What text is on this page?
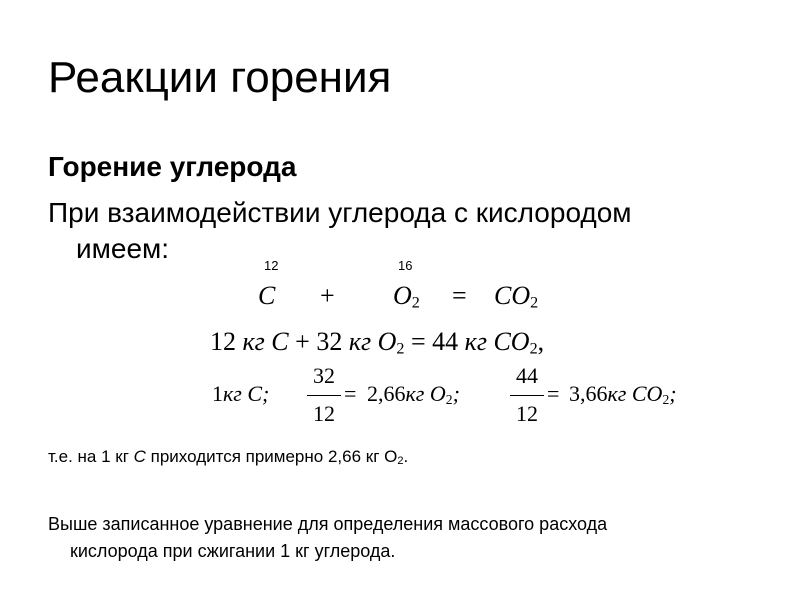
Реакции горения
Горение углерода
При взаимодействии углерода с кислородом
имеем:
12	16
$C + O_2 = CO_2$
12 кг C + 32 кг $O_2 = 44$ кг $CO_2$,
1кг C;
32
12
= 2,66кг $O_2$;
44
12
= 3,66кг $CO_2$;
т.е. на 1 кг C приходится примерно 2,66 кг $O_2$.
Выше записанное уравнение для определения массового расхода
кислорода при сжигании 1 кг углерода.
